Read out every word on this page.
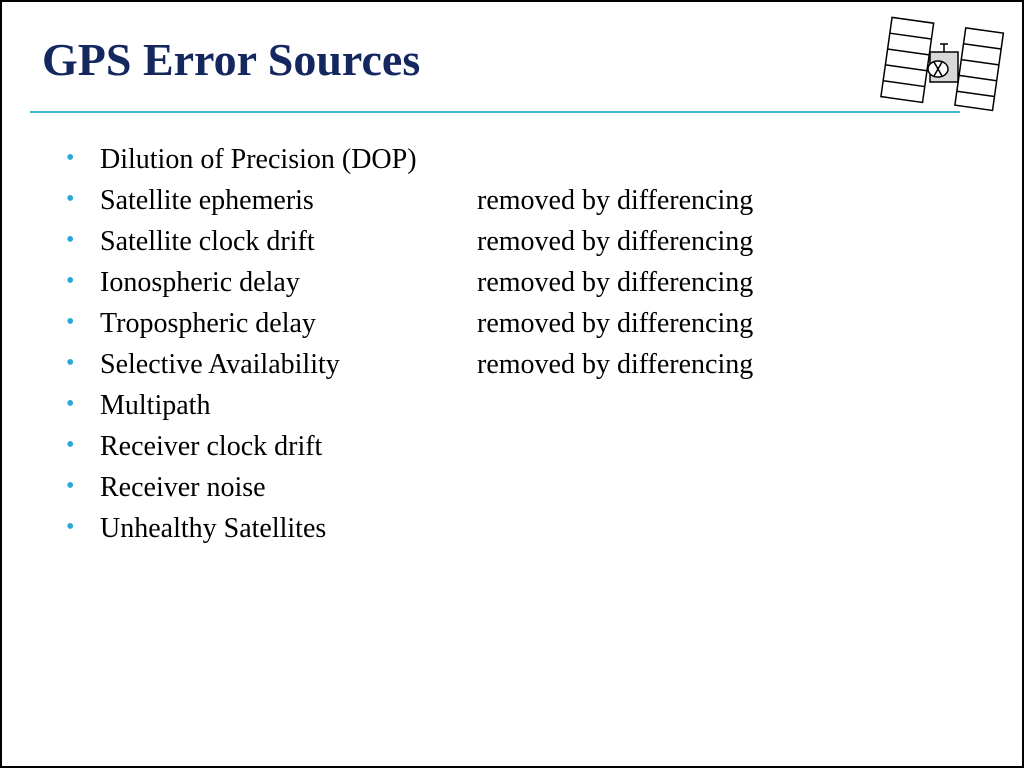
GPS Error Sources
• Dilution of Precision (DOP)
• Satellite ephemeris	removed by differencing
• Satellite clock drift	removed by differencing
• Ionospheric delay	removed by differencing
• Tropospheric delay	removed by differencing
• Selective Availability	removed by differencing
• Multipath
• Receiver clock drift
• Receiver noise
• Unhealthy Satellites
